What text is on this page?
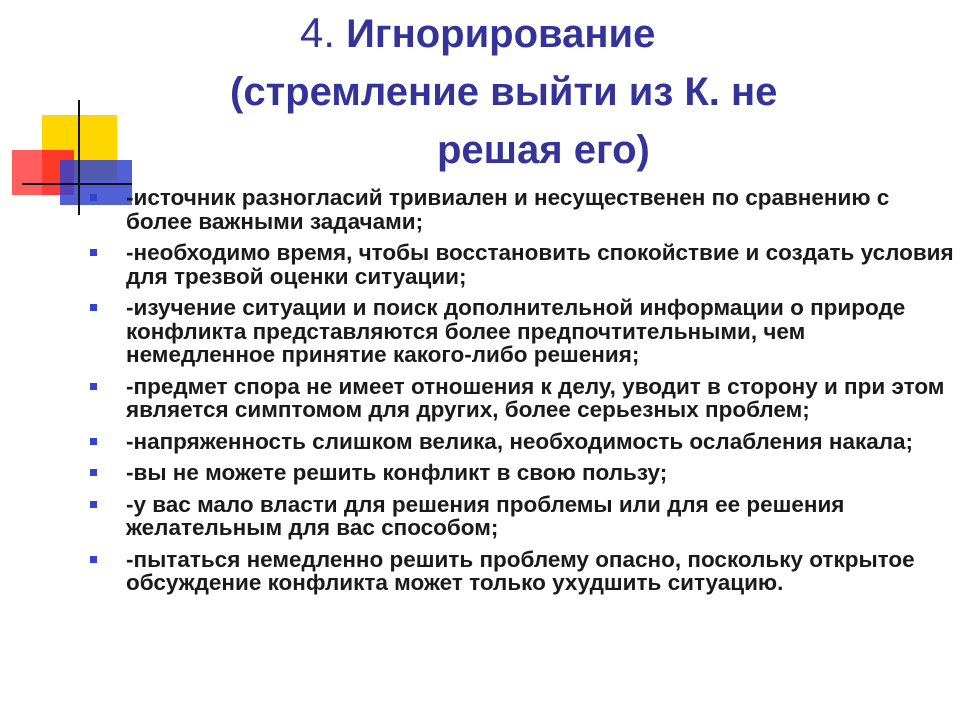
4. Игнорирование
(стремление выйти из К. не
решая его)
-источник разногласий тривиален и несущественен по сравнению с более важными задачами;
-необходимо время, чтобы восстановить спокойствие и создать условия для трезвой оценки ситуации;
-изучение ситуации и поиск дополнительной информации о природе конфликта представляются более предпочтительными, чем немедленное принятие какого-либо решения;
-предмет спора не имеет отношения к делу, уводит в сторону и при этом является симптомом для других, более серьезных проблем;
-напряженность слишком велика, необходимость ослабления накала;
-вы не можете решить конфликт в свою пользу;
-у вас мало власти для решения проблемы или для ее решения желательным для вас способом;
-пытаться немедленно решить проблему опасно, поскольку открытое обсуждение конфликта может только ухудшить ситуацию.
